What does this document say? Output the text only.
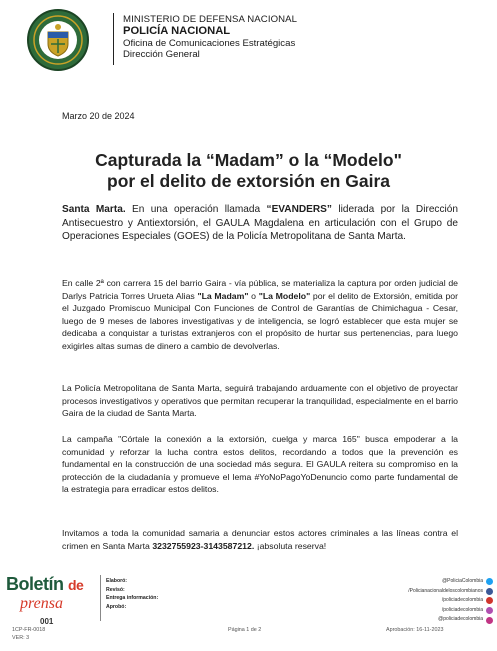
MINISTERIO DE DEFENSA NACIONAL
POLICÍA NACIONAL
Oficina de Comunicaciones Estratégicas
Dirección General
Marzo 20 de 2024
Capturada la “Madam” o la “Modelo"
por el delito de extorsión en Gaira
Santa Marta. En una operación llamada “EVANDERS” liderada por la Dirección Antisecuestro y Antiextorsión, el GAULA Magdalena en articulación con el Grupo de Operaciones Especiales (GOES) de la Policía Metropolitana de Santa Marta.
En calle 2ª con carrera 15 del barrio Gaira - vía pública, se materializa la captura por orden judicial de Darlys Patricia Torres Urueta Alias "La Madam" o "La Modelo" por el delito de Extorsión, emitida por el Juzgado Promiscuo Municipal Con Funciones de Control de Garantías de Chimichagua - Cesar, luego de 9 meses de labores investigativas y de inteligencia, se logró establecer que esta mujer se dedicaba a conquistar a turistas extranjeros con el propósito de hurtar sus pertenencias, para luego exigirles altas sumas de dinero a cambio de devolverlas.
La Policía Metropolitana de Santa Marta, seguirá trabajando arduamente con el objetivo de proyectar procesos investigativos y operativos que permitan recuperar la tranquilidad, especialmente en el barrio Gaira de la ciudad de Santa Marta.
La campaña "Córtale la conexión a la extorsión, cuelga y marca 165" busca empoderar a la comunidad y reforzar la lucha contra estos delitos, recordando a todos que la prevención es fundamental en la construcción de una sociedad más segura. El GAULA reitera su compromiso en la protección de la ciudadanía y promueve el lema #YoNoPagoYoDenuncio como parte fundamental de la estrategia para erradicar estos delitos.
Invitamos a toda la comunidad samaria a denunciar estos actores criminales a las líneas contra el crimen en Santa Marta 3232755923-3143587212. ¡absoluta reserva!
Boletín de
prensa
001
Elaboró:
Revisó:
Entrega información:
Aprobó:
@PoliciaColombia
/Policianacionaldeloscolombianos
/policiadecolombia
/policiadecolombia
@policiadecolombia
1CP-FR-0018
VER: 3
Página 1 de 2	Aprobación: 16-11-2023
